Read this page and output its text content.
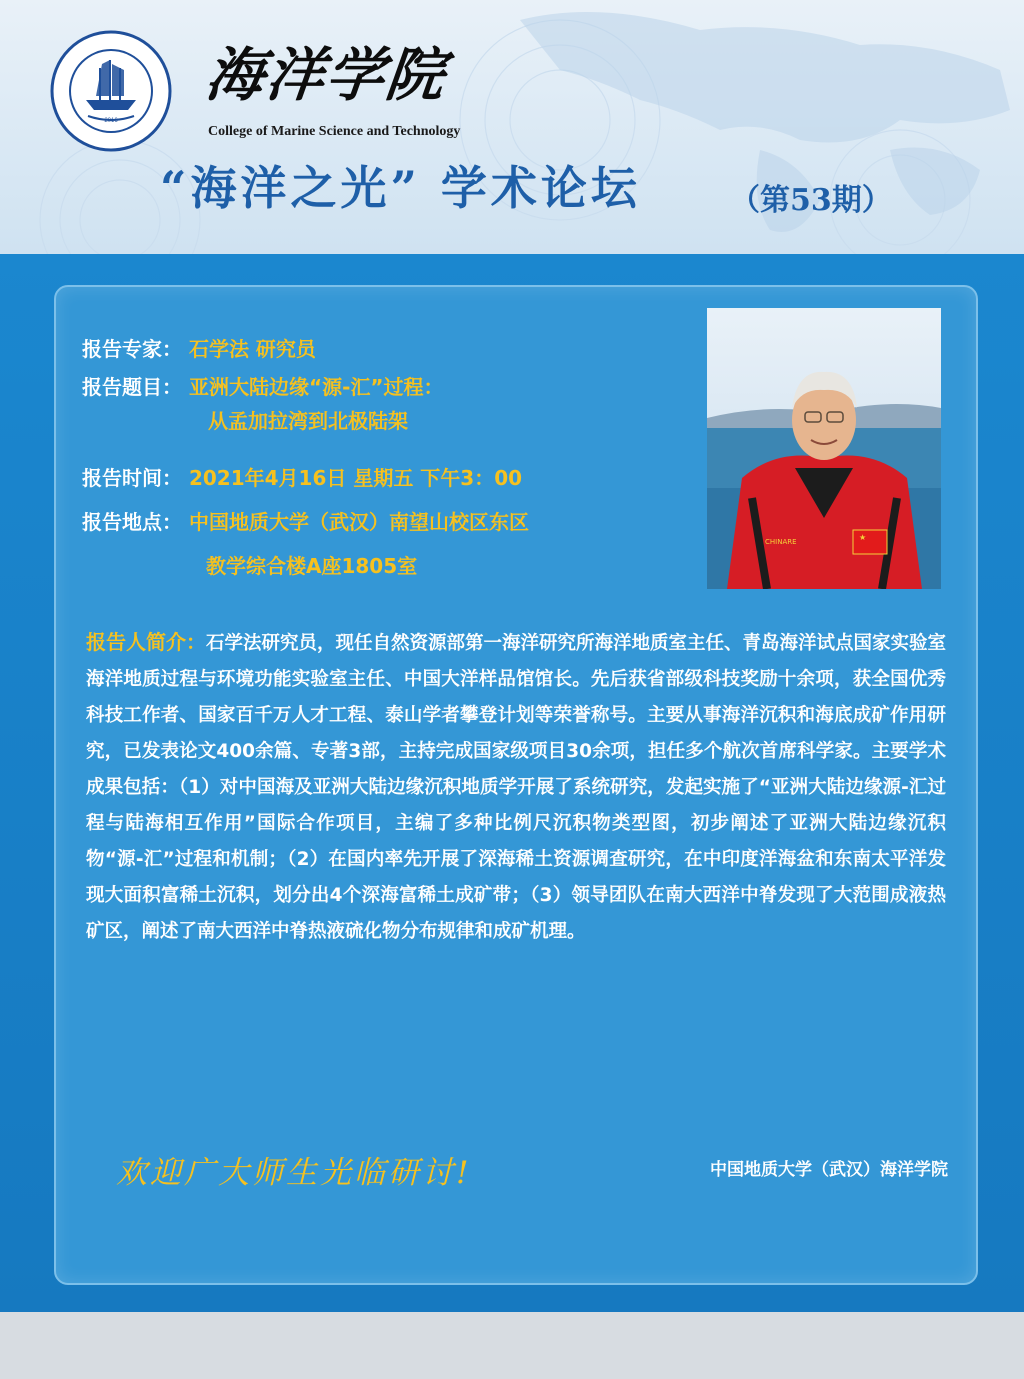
2016
海洋学院
College of Marine Science and Technology
“海洋之光” 学术论坛	（第53期）
★
CHINARE
报告专家： 石学法 研究员
报告题目： 亚洲大陆边缘“源-汇”过程：
从孟加拉湾到北极陆架
报告时间： 2021年4月16日 星期五 下午3：00
报告地点： 中国地质大学（武汉）南望山校区东区
教学综合楼A座1805室
报告人简介：石学法研究员，现任自然资源部第一海洋研究所海洋地质室主任、青岛海洋试点国家实验室海洋地质过程与环境功能实验室主任、中国大洋样品馆馆长。先后获省部级科技奖励十余项，获全国优秀科技工作者、国家百千万人才工程、泰山学者攀登计划等荣誉称号。主要从事海洋沉积和海底成矿作用研究，已发表论文400余篇、专著3部，主持完成国家级项目30余项，担任多个航次首席科学家。主要学术成果包括：（1）对中国海及亚洲大陆边缘沉积地质学开展了系统研究，发起实施了“亚洲大陆边缘源-汇过程与陆海相互作用”国际合作项目，主编了多种比例尺沉积物类型图，初步阐述了亚洲大陆边缘沉积物“源-汇”过程和机制；（2）在国内率先开展了深海稀土资源调查研究，在中印度洋海盆和东南太平洋发现大面积富稀土沉积，划分出4个深海富稀土成矿带；（3）领导团队在南大西洋中脊发现了大范围成液热矿区，阐述了南大西洋中脊热液硫化物分布规律和成矿机理。
欢迎广大师生光临研讨!	中国地质大学（武汉）海洋学院
